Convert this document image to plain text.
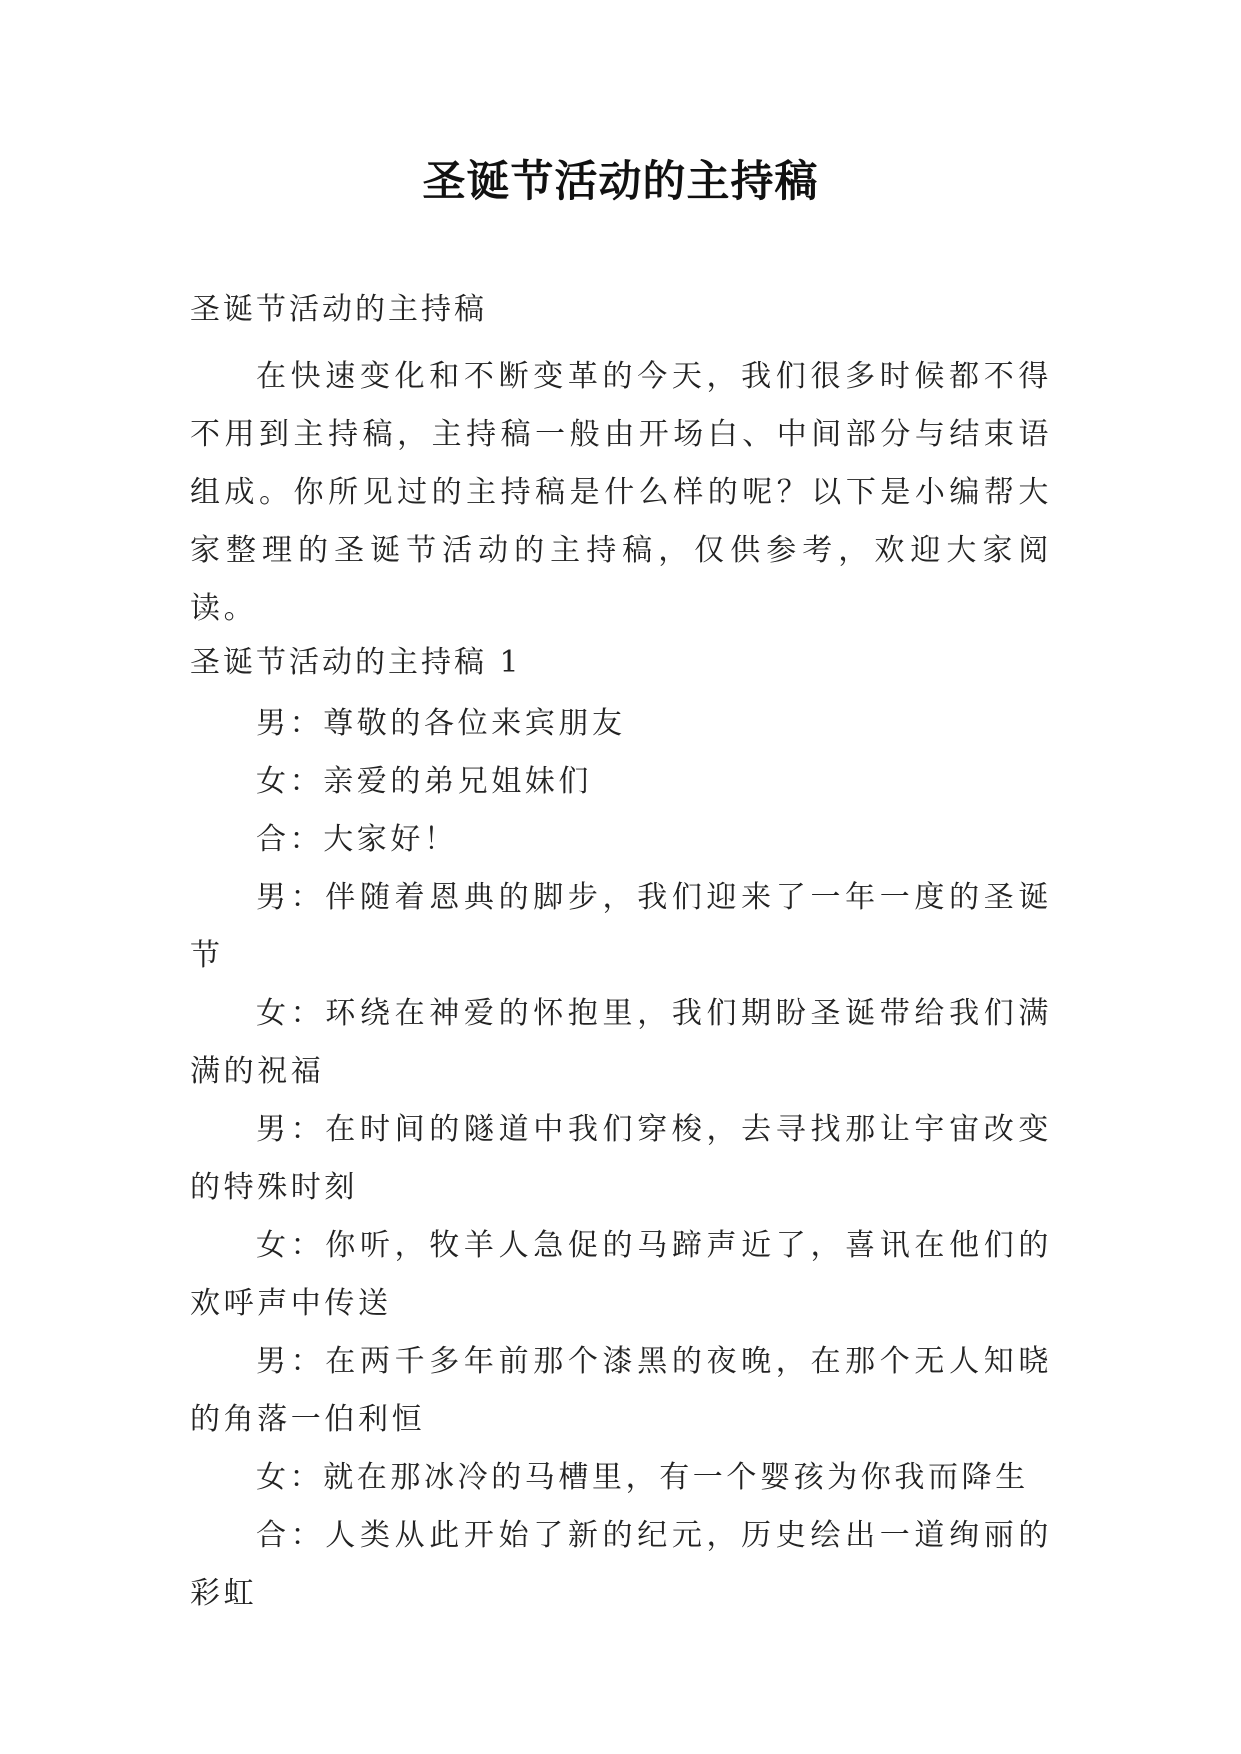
圣诞节活动的主持稿
圣诞节活动的主持稿

在快速变化和不断变革的今天，我们很多时候都不得不用到主持稿，主持稿一般由开场白、中间部分与结束语组成。你所见过的主持稿是什么样的呢？以下是小编帮大家整理的圣诞节活动的主持稿，仅供参考，欢迎大家阅读。

圣诞节活动的主持稿 1

男：尊敬的各位来宾朋友

女：亲爱的弟兄姐妹们

合：大家好！

男：伴随着恩典的脚步，我们迎来了一年一度的圣诞节

女：环绕在神爱的怀抱里，我们期盼圣诞带给我们满满的祝福

男：在时间的隧道中我们穿梭，去寻找那让宇宙改变的特殊时刻

女：你听，牧羊人急促的马蹄声近了，喜讯在他们的欢呼声中传送

男：在两千多年前那个漆黑的夜晚，在那个无人知晓的角落一伯利恒

女：就在那冰冷的马槽里，有一个婴孩为你我而降生

合：人类从此开始了新的纪元，历史绘出一道绚丽的彩虹
